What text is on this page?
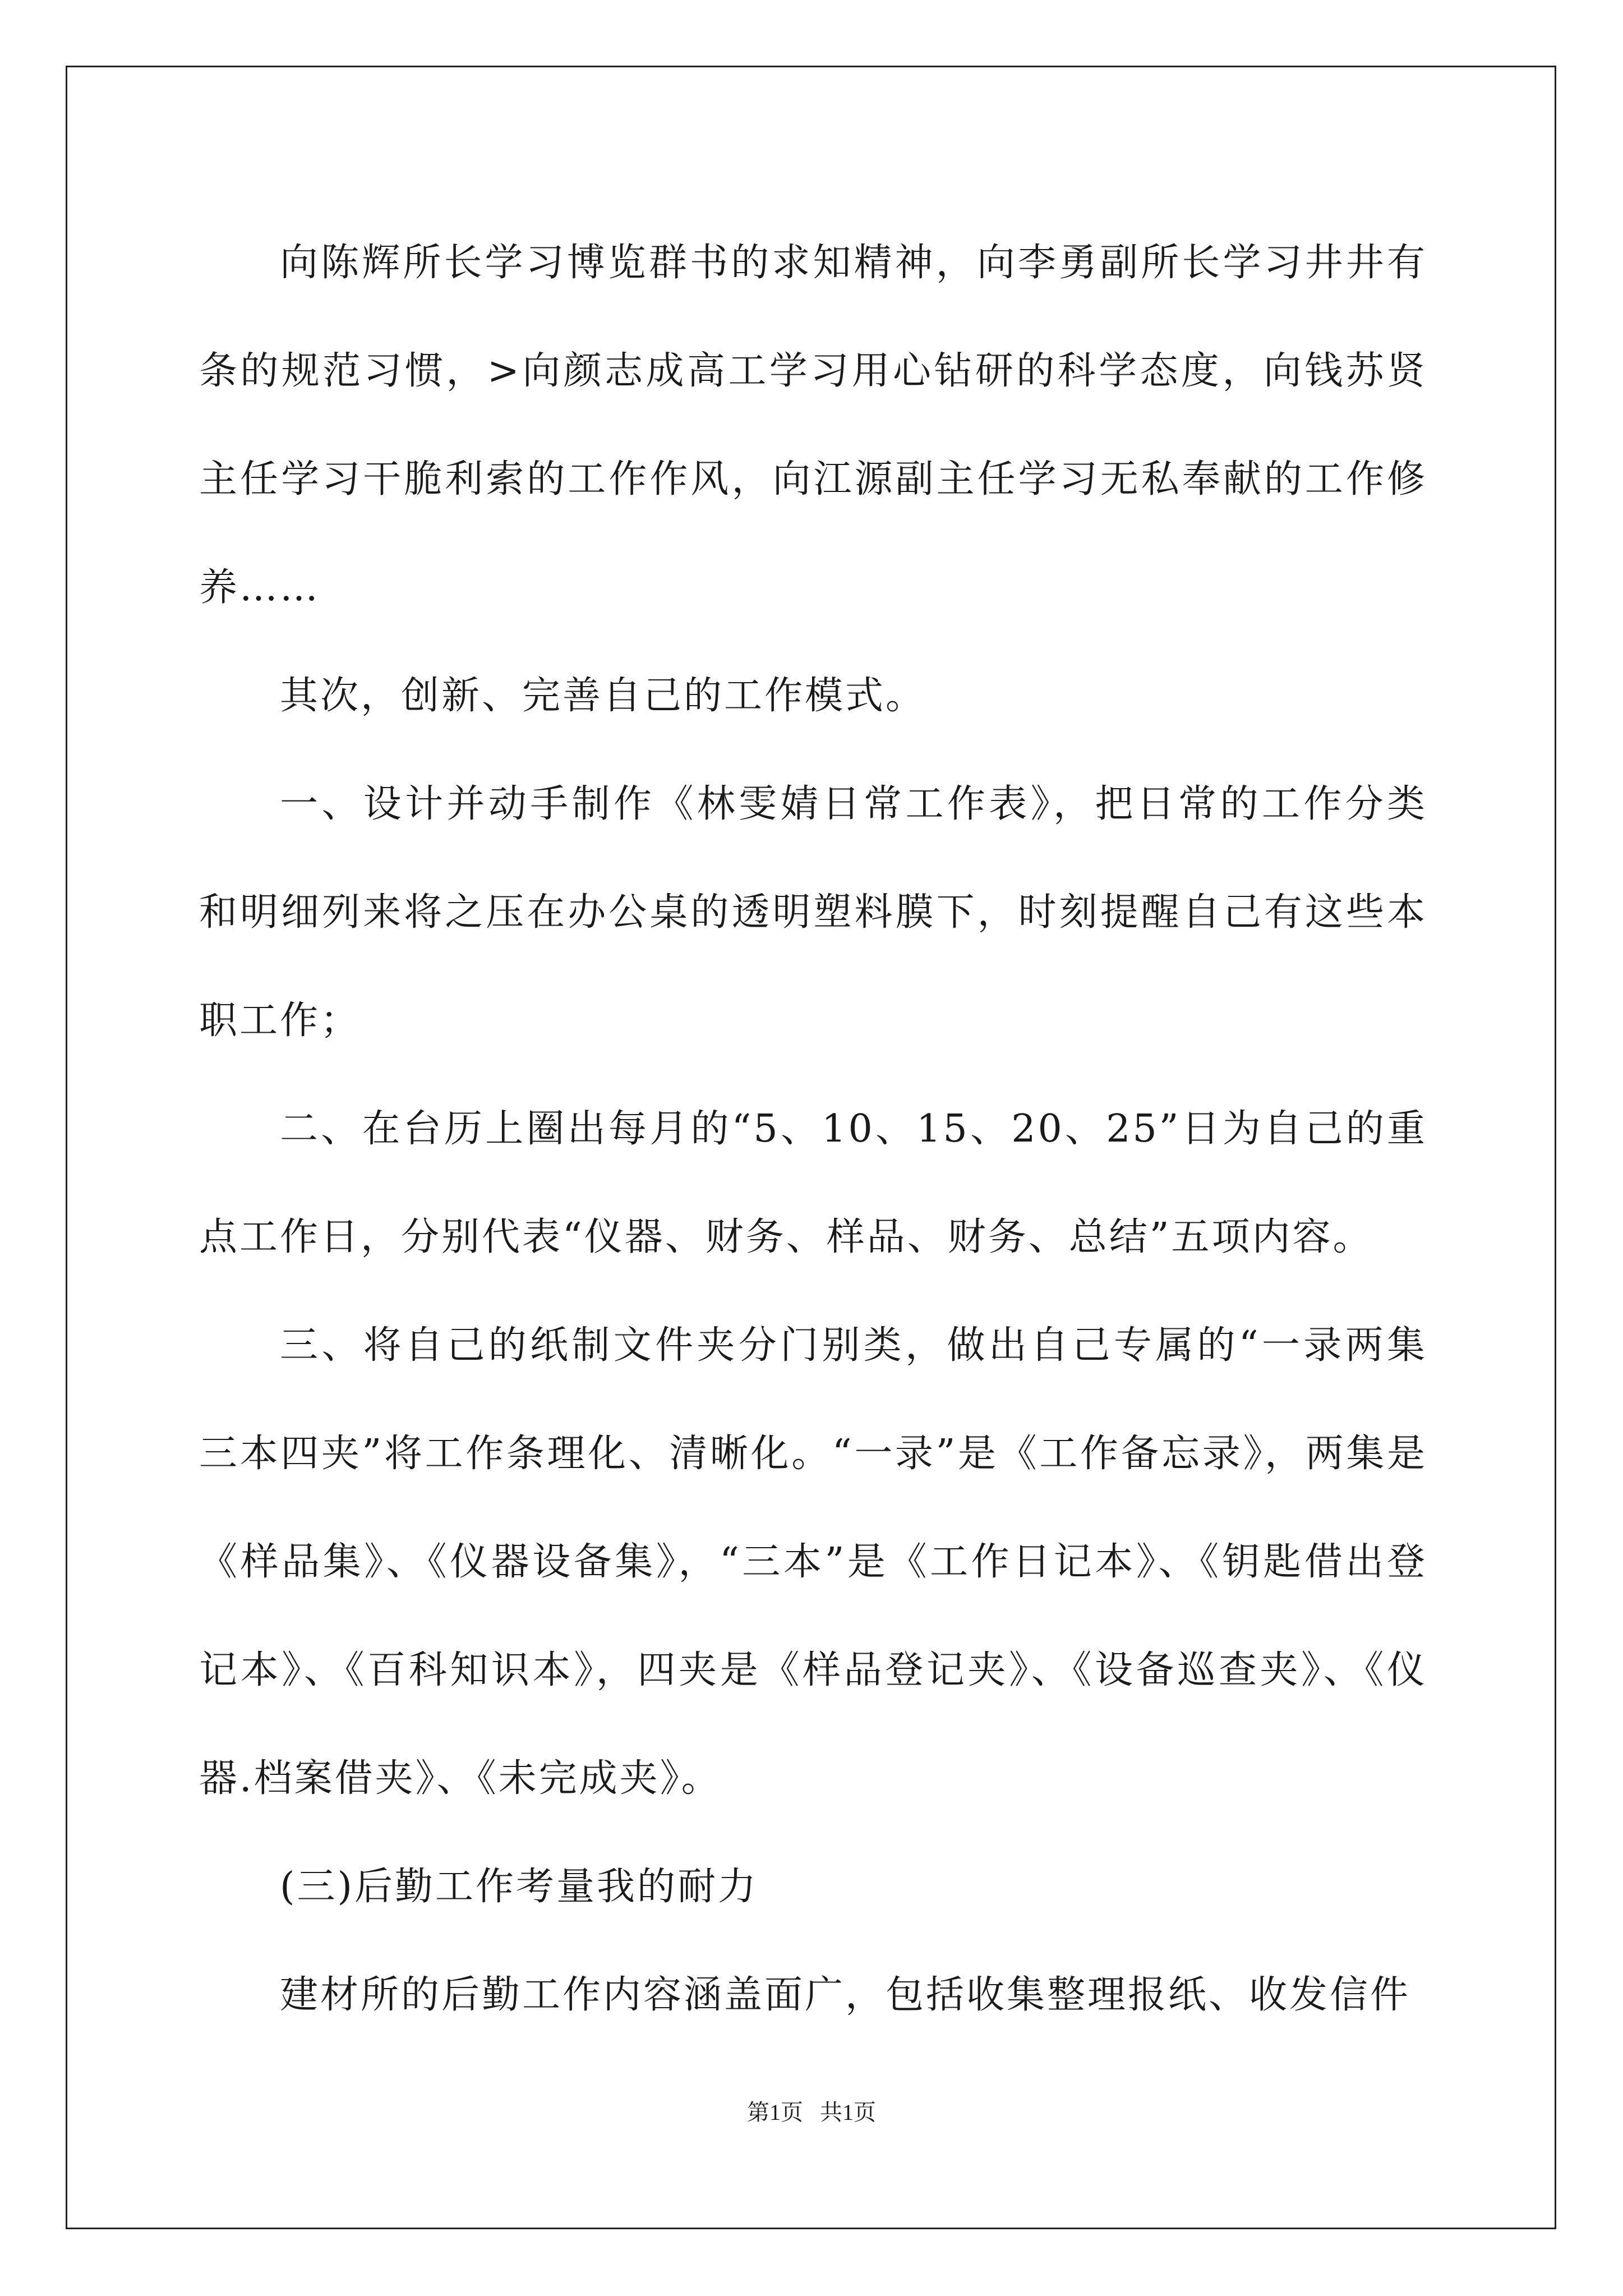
向陈辉所长学习博览群书的求知精神，向李勇副所长学习井井有条的规范习惯，>向颜志成高工学习用心钻研的科学态度，向钱苏贤主任学习干脆利索的工作作风，向江源副主任学习无私奉献的工作修养……

其次，创新、完善自己的工作模式。

一、设计并动手制作《林雯婧日常工作表》，把日常的工作分类和明细列来将之压在办公桌的透明塑料膜下，时刻提醒自己有这些本职工作；

二、在台历上圈出每月的“5、10、15、20、25”日为自己的重点工作日，分别代表“仪器、财务、样品、财务、总结”五项内容。

三、将自己的纸制文件夹分门别类，做出自己专属的“一录两集三本四夹”将工作条理化、清晰化。“一录”是《工作备忘录》，两集是《样品集》、《仪器设备集》，“三本”是《工作日记本》、《钥匙借出登记本》、《百科知识本》，四夹是《样品登记夹》、《设备巡查夹》、《仪器.档案借夹》、《未完成夹》。

(三)后勤工作考量我的耐力

建材所的后勤工作内容涵盖面广，包括收集整理报纸、收发信件

第1页   共1页
